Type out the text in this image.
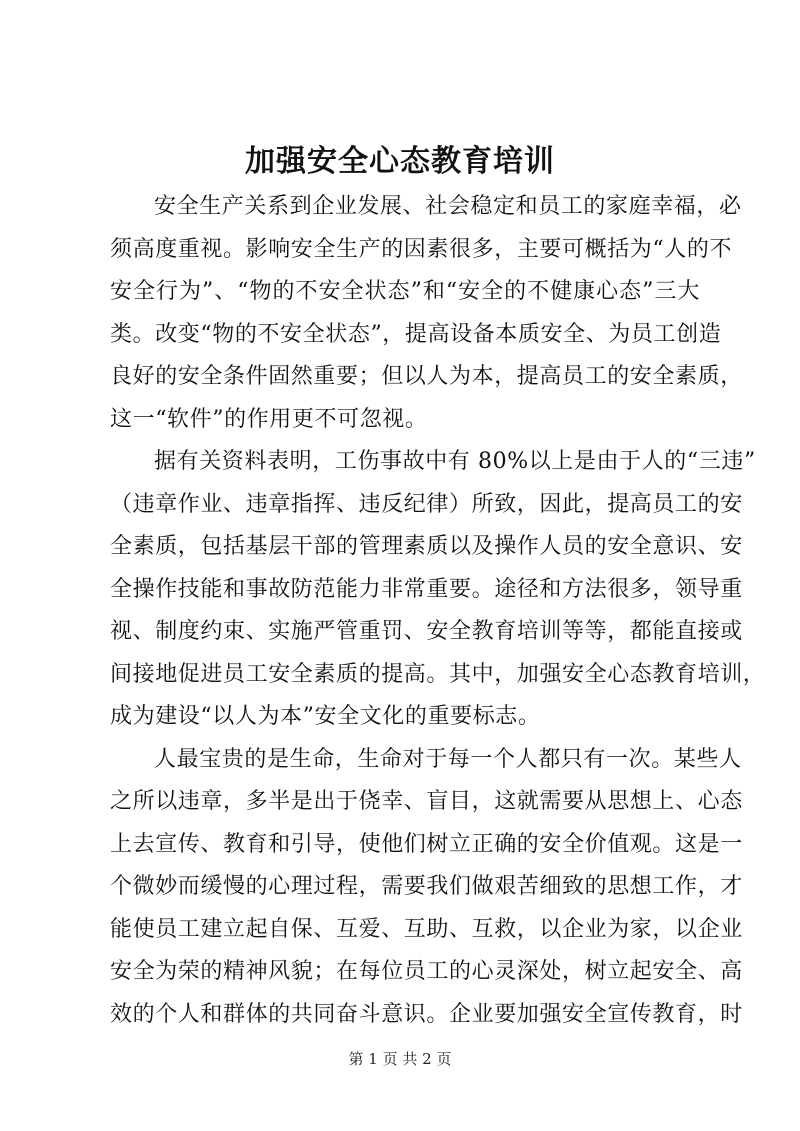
加强安全心态教育培训
安全生产关系到企业发展、社会稳定和员工的家庭幸福，必
须高度重视。影响安全生产的因素很多，主要可概括为“人的不
安全行为”、“物的不安全状态”和“安全的不健康心态”三大
类。改变“物的不安全状态”，提高设备本质安全、为员工创造
良好的安全条件固然重要；但以人为本，提高员工的安全素质，
这一“软件”的作用更不可忽视。
据有关资料表明，工伤事故中有 80%以上是由于人的“三违”
（违章作业、违章指挥、违反纪律）所致，因此，提高员工的安
全素质，包括基层干部的管理素质以及操作人员的安全意识、安
全操作技能和事故防范能力非常重要。途径和方法很多，领导重
视、制度约束、实施严管重罚、安全教育培训等等，都能直接或
间接地促进员工安全素质的提高。其中，加强安全心态教育培训，
成为建设“以人为本”安全文化的重要标志。
人最宝贵的是生命，生命对于每一个人都只有一次。某些人
之所以违章，多半是出于侥幸、盲目，这就需要从思想上、心态
上去宣传、教育和引导，使他们树立正确的安全价值观。这是一
个微妙而缓慢的心理过程，需要我们做艰苦细致的思想工作，才
能使员工建立起自保、互爱、互助、互救，以企业为家，以企业
安全为荣的精神风貌；在每位员工的心灵深处，树立起安全、高
效的个人和群体的共同奋斗意识。企业要加强安全宣传教育，时
第 1 页 共 2 页
